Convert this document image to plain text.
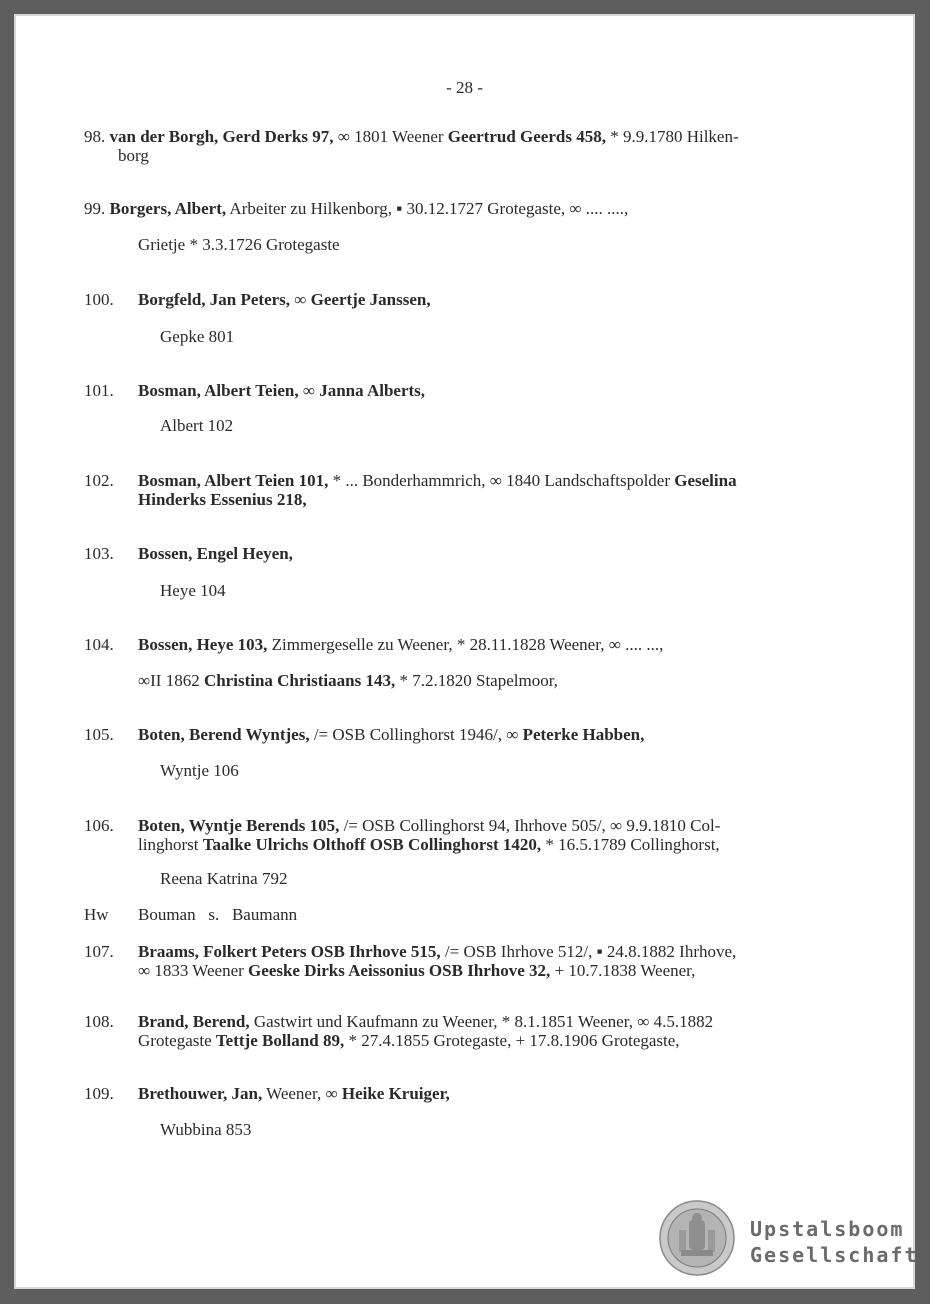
- 28 -
98. van der Borgh, Gerd Derks 97, ∞ 1801 Weener Geertrud Geerds 458, * 9.9.1780 Hilken-
borg
99. Borgers, Albert, Arbeiter zu Hilkenborg, ▪ 30.12.1727 Grotegaste, ∞ .... ....,
Grietje * 3.3.1726 Grotegaste
100. Borgfeld, Jan Peters, ∞ Geertje Janssen,
Gepke 801
101. Bosman, Albert Teien, ∞ Janna Alberts,
Albert 102
102. Bosman, Albert Teien 101, * ... Bonderhammrich, ∞ 1840 Landschaftspolder Geselina
Hinderks Essenius 218,
103. Bossen, Engel Heyen,
Heye 104
104. Bossen, Heye 103, Zimmergeselle zu Weener, * 28.11.1828 Weener, ∞ .... ...,
∞II 1862 Christina Christiaans 143, * 7.2.1820 Stapelmoor,
105. Boten, Berend Wyntjes, /= OSB Collinghorst 1946/, ∞ Peterke Habben,
Wyntje 106
106. Boten, Wyntje Berends 105, /= OSB Collinghorst 94, Ihrhove 505/, ∞ 9.9.1810 Col-
linghorst Taalke Ulrichs Olthoff OSB Collinghorst 1420, * 16.5.1789 Collinghorst,
Reena Katrina 792
Hw Bouman   s.   Baumann
107. Braams, Folkert Peters OSB Ihrhove 515, /= OSB Ihrhove 512/, ▪ 24.8.1882 Ihrhove,
∞ 1833 Weener Geeske Dirks Aeissonius OSB Ihrhove 32, + 10.7.1838 Weener,
108. Brand, Berend, Gastwirt und Kaufmann zu Weener, * 8.1.1851 Weener, ∞ 4.5.1882
Grotegaste Tettje Bolland 89, * 27.4.1855 Grotegaste, + 17.8.1906 Grotegaste,
109. Brethouwer, Jan, Weener, ∞ Heike Kruiger,
Wubbina 853
Upstalsboom
Gesellschaft
